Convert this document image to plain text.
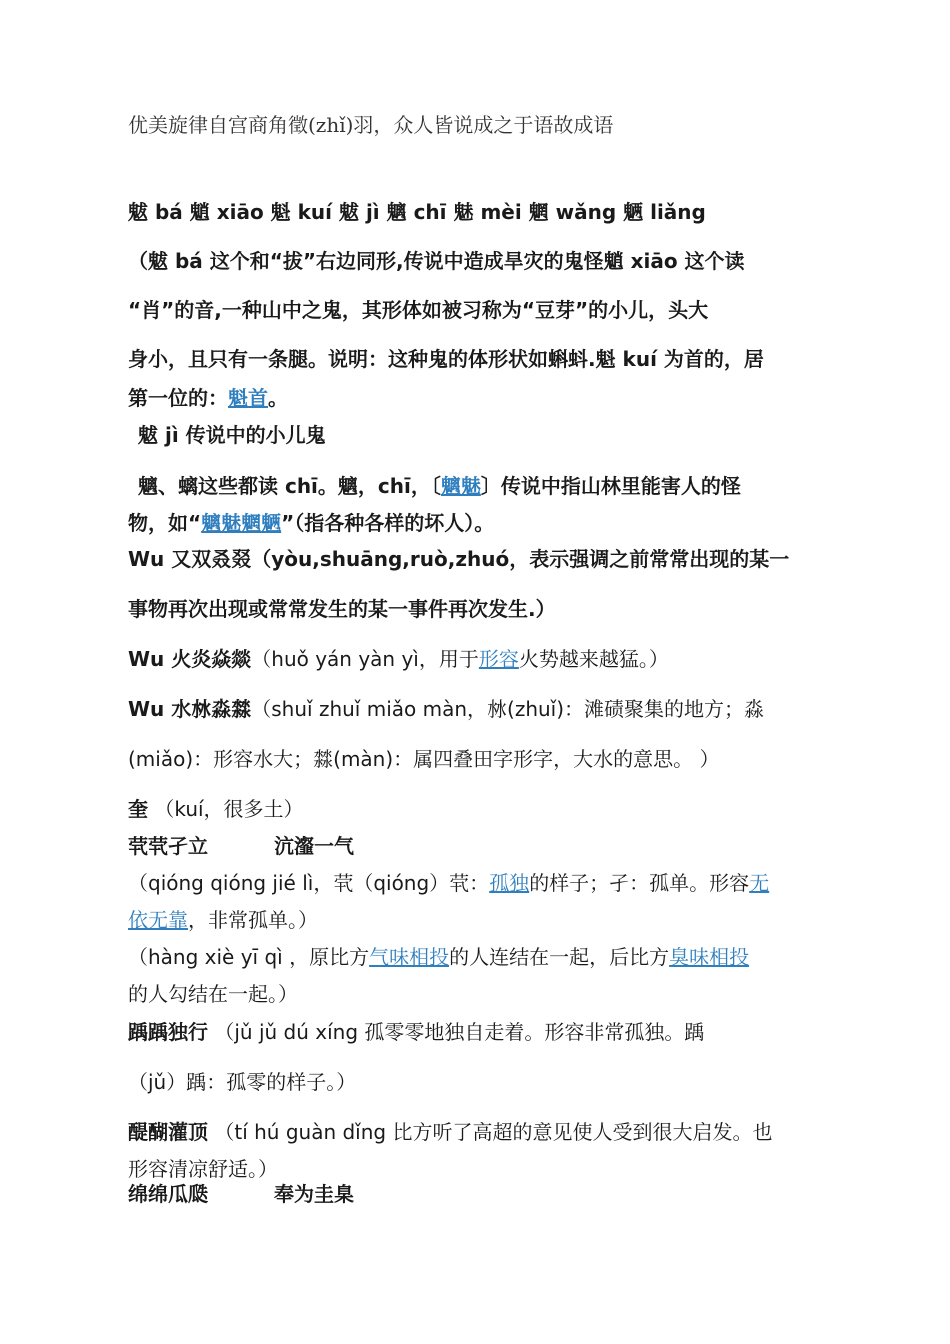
优美旋律自宫商角徵(zhǐ)羽，众人皆说成之于语故成语
魃 bá 魈 xiāo 魁 kuí 魃 jì 魑 chī 魅 mèi 魍 wǎng 魉 liǎng
（魃 bá 这个和“拔”右边同形,传说中造成旱灾的鬼怪魈 xiāo 这个读
“肖”的音,一种山中之鬼，其形体如被习称为“豆芽”的小儿，头大
身小，且只有一条腿。说明：这种鬼的体形状如蝌蚪.魁 kuí 为首的，居
第一位的：魁首。
魃 jì 传说中的小儿鬼
魑、螭这些都读 chī。魑，chī，〔魑魅〕传说中指山林里能害人的怪
物，如“魑魅魍魉”（指各种各样的坏人）。
Wu 又双叒叕（yòu,shuāng,ruò,zhuó，表示强调之前常常出现的某一
事物再次出现或常常发生的某一事件再次发生.）
Wu 火炎焱燚（huǒ yán yàn yì，用于形容火势越来越猛。）
Wu 水沝淼㵘（shuǐ zhuǐ miǎo màn，沝(zhuǐ)：滩碛聚集的地方；淼
(miǎo)：形容水大；㵘(màn)：属四叠田字形字，大水的意思。 ）
奎 （kuí，很多土）
茕茕孑立	沆瀣一气
（qióng qióng jié lì，茕（qióng）茕：孤独的样子；孑：孤单。形容无
依无靠，非常孤单。）
（hàng xiè yī qì ，原比方气味相投的人连结在一起，后比方臭味相投
的人勾结在一起。）
踽踽独行 （jǔ jǔ dú xíng 孤零零地独自走着。形容非常孤独。踽
（jǔ）踽：孤零的样子。）
醍醐灌顶 （tí hú guàn dǐng 比方听了高超的意见使人受到很大启发。也
形容清凉舒适。）
绵绵瓜瓞	奉为圭臬
